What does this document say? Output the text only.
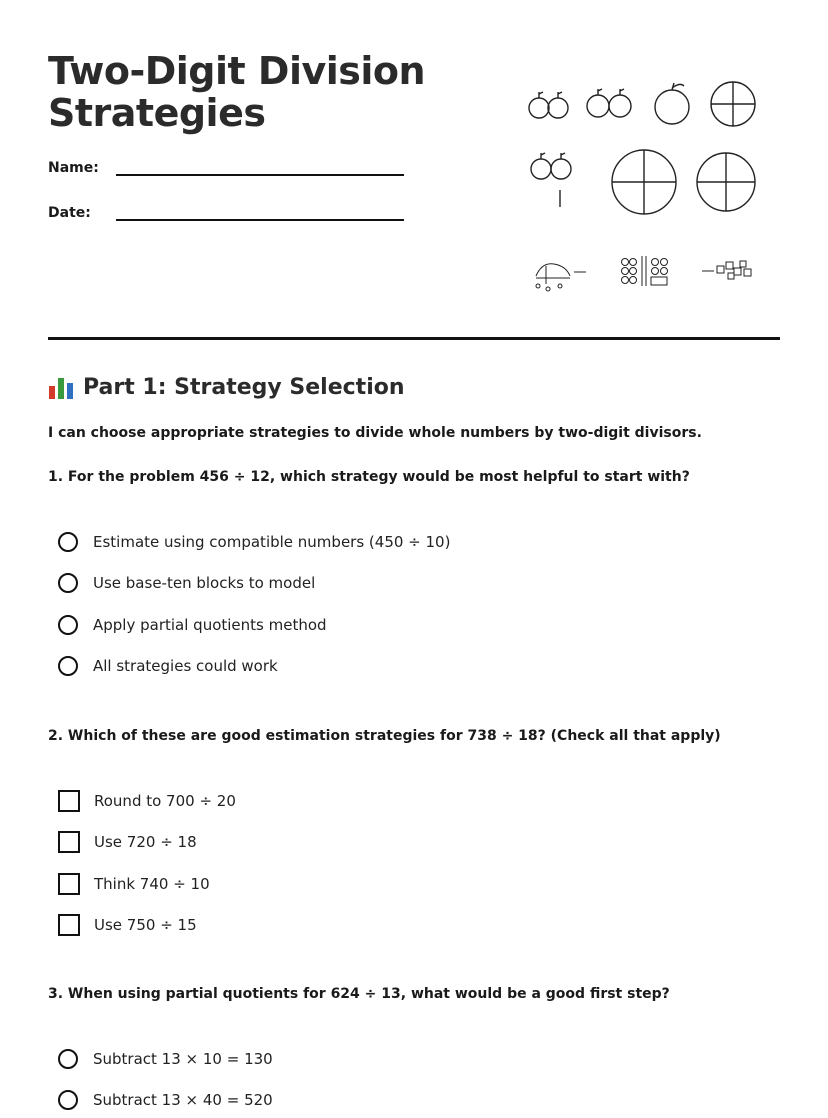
Two-Digit Division Strategies
Name:
Date:
Part 1: Strategy Selection
I can choose appropriate strategies to divide whole numbers by two-digit divisors.
1. For the problem 456 ÷ 12, which strategy would be most helpful to start with?
Estimate using compatible numbers (450 ÷ 10)
Use base-ten blocks to model
Apply partial quotients method
All strategies could work
2. Which of these are good estimation strategies for 738 ÷ 18? (Check all that apply)
Round to 700 ÷ 20
Use 720 ÷ 18
Think 740 ÷ 10
Use 750 ÷ 15
3. When using partial quotients for 624 ÷ 13, what would be a good first step?
Subtract 13 × 10 = 130
Subtract 13 × 40 = 520
